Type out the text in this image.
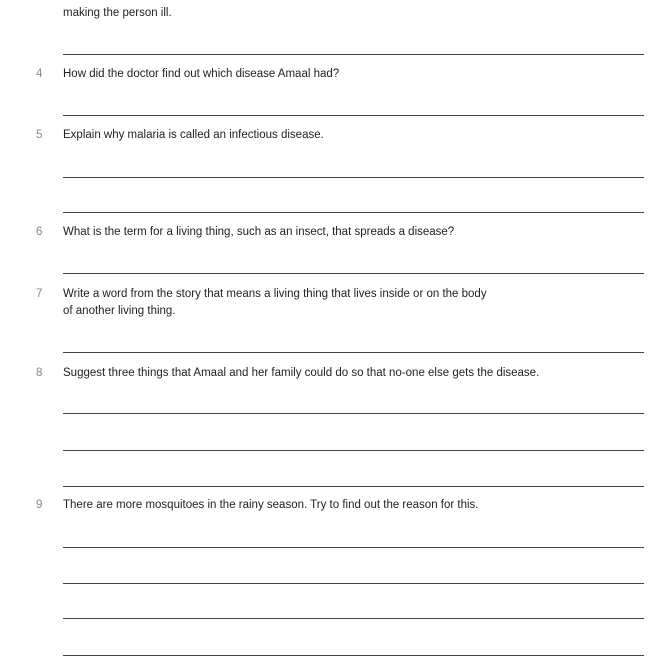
making the person ill.
4 How did the doctor find out which disease Amaal had?
5 Explain why malaria is called an infectious disease.
6 What is the term for a living thing, such as an insect, that spreads a disease?
7 Write a word from the story that means a living thing that lives inside or on the body
of another living thing.
8 Suggest three things that Amaal and her family could do so that no-one else gets the disease.
9 There are more mosquitoes in the rainy season. Try to find out the reason for this.
